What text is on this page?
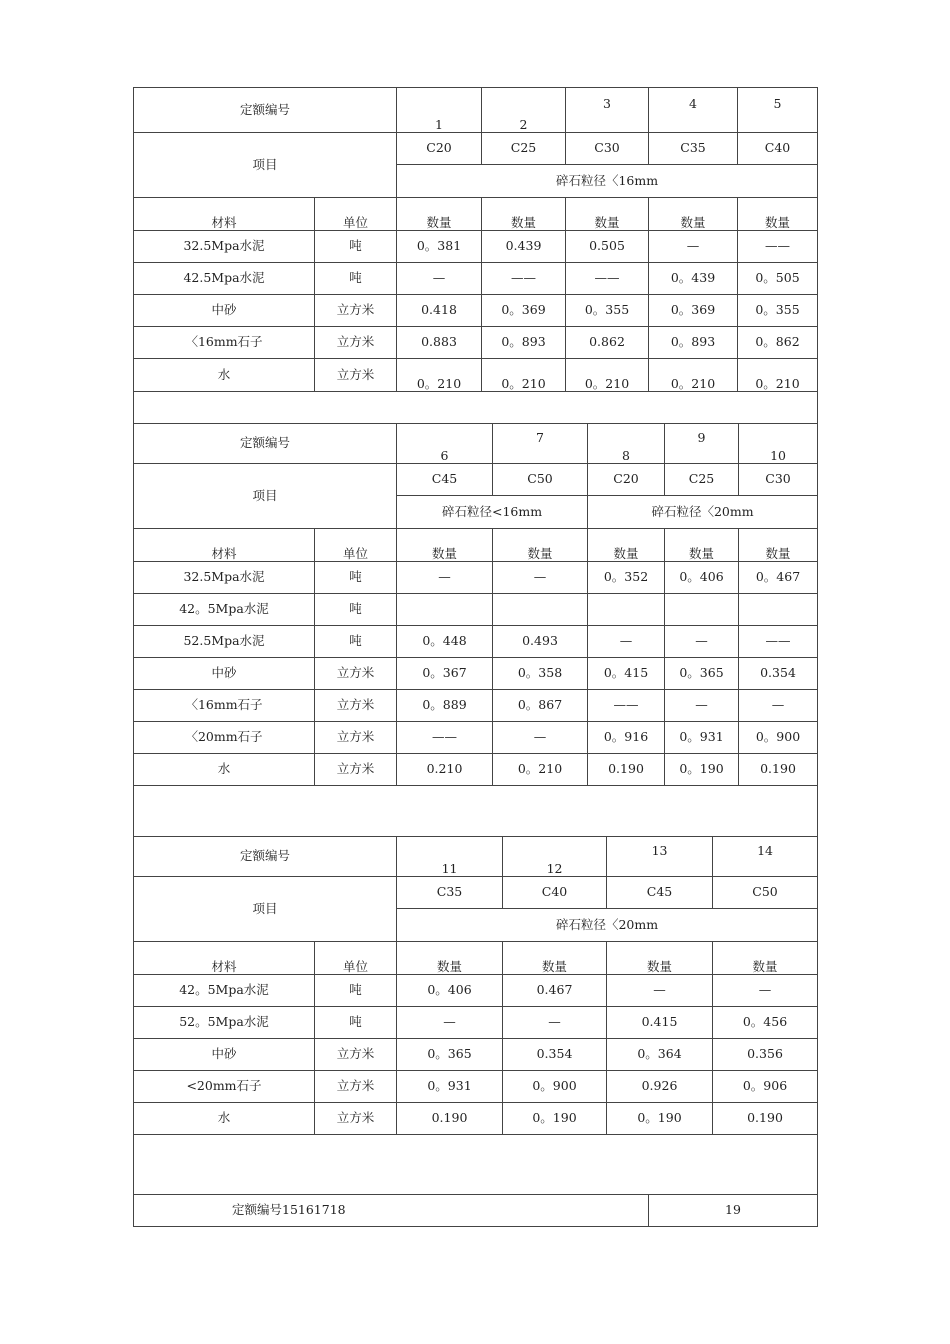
定额编号		1	2	3	4	5
项目		C20	C25	C30	C35	C40
		碎石粒径〈16mm				
材料	单位	数量	数量	数量	数量	数量
32.5Mpa水泥	吨	0。381	0.439	0.505	—	——
42.5Mpa水泥	吨	—	——	——	0。439	0。505
中砂	立方米	0.418	0。369	0。355	0。369	0。355
〈16mm石子	立方米	0.883	0。893	0.862	0。893	0。862
水	立方米	0。210	0。210	0。210	0。210	0。210

定额编号		6	7	8	9	10
项目		C45	C50	C20	C25	C30
		碎石粒径<16mm		碎石粒径〈20mm		
材料	单位	数量	数量	数量	数量	数量
32.5Mpa水泥	吨	—	—	0。352	0。406	0。467
42。5Mpa水泥	吨					
52.5Mpa水泥	吨	0。448	0.493	—	—	——
中砂	立方米	0。367	0。358	0。415	0。365	0.354
〈16mm石子	立方米	0。889	0。867	——	—	—
〈20mm石子	立方米	——	—	0。916	0。931	0。900
水	立方米	0.210	0。210	0.190	0。190	0.190

定额编号		11	12	13	14
项目		C35	C40	C45	C50
		碎石粒径〈20mm			
材料	单位	数量	数量	数量	数量
42。5Mpa水泥	吨	0。406	0.467	—	—
52。5Mpa水泥	吨	—	—	0.415	0。456
中砂	立方米	0。365	0.354	0。364	0.356
<20mm石子	立方米	0。931	0。900	0.926	0。906
水	立方米	0.190	0。190	0。190	0.190

定额编号15161718	19
